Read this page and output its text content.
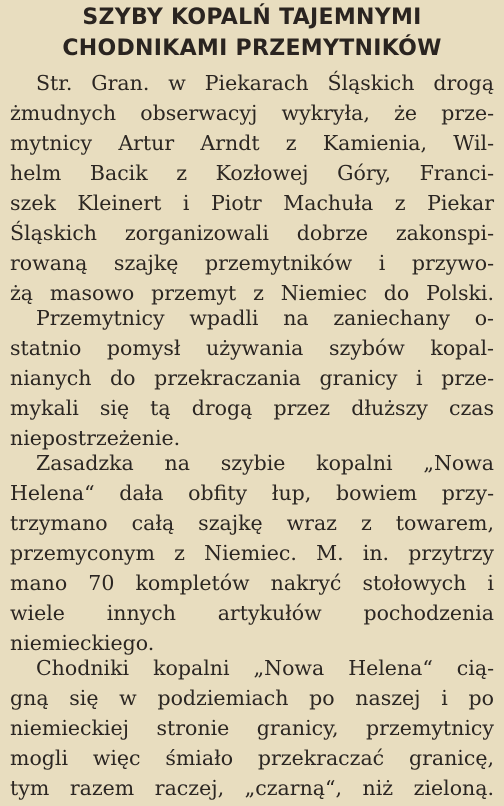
SZYBY KOPALŃ TAJEMNYMI
CHODNIKAMI PRZEMYTNIKÓW
Str. Gran. w Piekarach Śląskich drogą
żmudnych obserwacyj wykryła, że prze-
mytnicy Artur Arndt z Kamienia, Wil-
helm Bacik z Kozłowej Góry, Franci-
szek Kleinert i Piotr Machuła z Piekar
Śląskich zorganizowali dobrze zakonspi-
rowaną szajkę przemytników i przywo-
żą masowo przemyt z Niemiec do Polski.
Przemytnicy wpadli na zaniechany o-
statnio pomysł używania szybów kopal-
nianych do przekraczania granicy i prze-
mykali się tą drogą przez dłuższy czas
niepostrzeżenie.
Zasadzka na szybie kopalni „Nowa
Helena“ dała obfity łup, bowiem przy-
trzymano całą szajkę wraz z towarem,
przemyconym z Niemiec. M. in. przytrzy
mano 70 kompletów nakryć stołowych i
wiele innych artykułów pochodzenia
niemieckiego.
Chodniki kopalni „Nowa Helena“ cią-
gną się w podziemiach po naszej i po
niemieckiej stronie granicy, przemytnicy
mogli więc śmiało przekraczać granicę,
tym razem raczej, „czarną“, niż zieloną.
